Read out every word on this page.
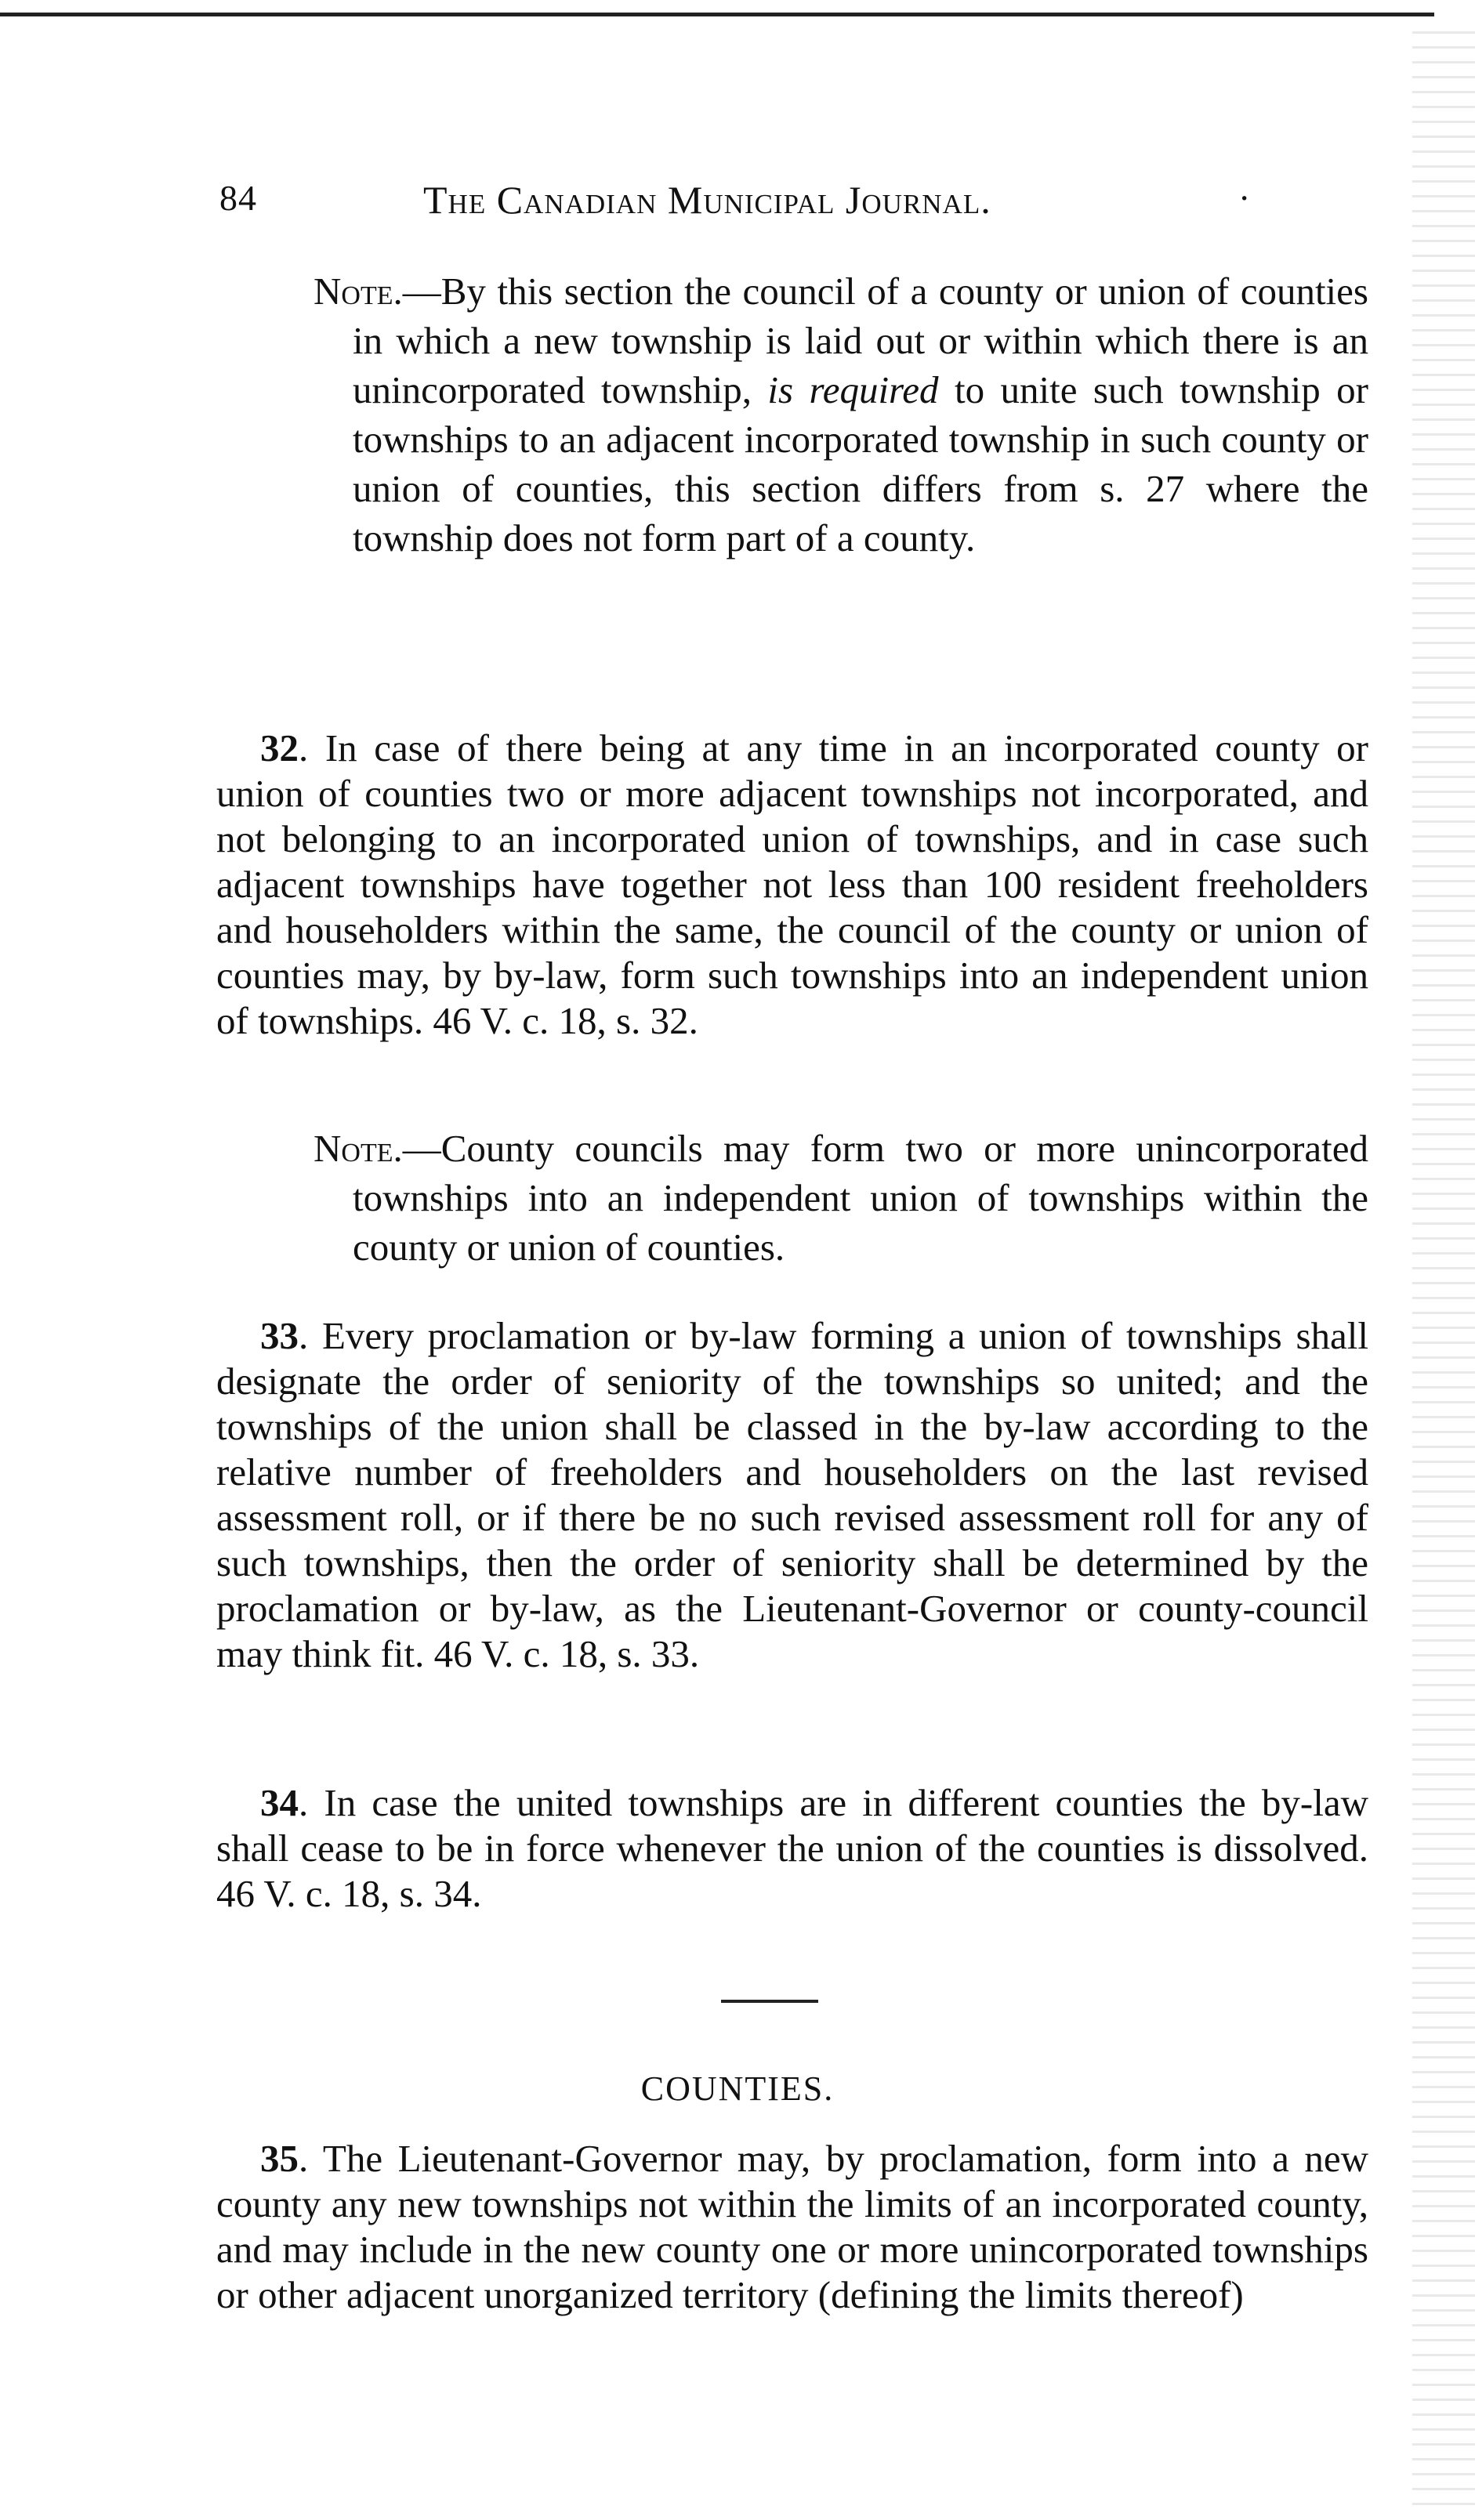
84	The Canadian Municipal Journal.	·
Note.—By this section the council of a county or union of counties in which a new township is laid out or within which there is an unincorporated township, is required to unite such township or townships to an adjacent incorporated township in such county or union of counties, this section differs from s. 27 where the township does not form part of a county.

32. In case of there being at any time in an incorporated county or union of counties two or more adjacent townships not incorporated, and not belonging to an incorporated union of townships, and in case such adjacent townships have together not less than 100 resident freeholders and householders within the same, the council of the county or union of counties may, by by-law, form such townships into an independent union of townships. 46 V. c. 18, s. 32.

Note.—County councils may form two or more unincorporated townships into an independent union of townships within the county or union of counties.

33. Every proclamation or by-law forming a union of townships shall designate the order of seniority of the townships so united; and the townships of the union shall be classed in the by-law according to the relative number of freeholders and householders on the last revised assessment roll, or if there be no such revised assessment roll for any of such townships, then the order of seniority shall be determined by the proclamation or by-law, as the Lieutenant-Governor or county-council may think fit. 46 V. c. 18, s. 33.

34. In case the united townships are in different counties the by-law shall cease to be in force whenever the union of the counties is dissolved. 46 V. c. 18, s. 34.

COUNTIES.

35. The Lieutenant-Governor may, by proclamation, form into a new county any new townships not within the limits of an incorporated county, and may include in the new county one or more unincorporated townships or other adjacent unorganized territory (defining the limits thereof)
